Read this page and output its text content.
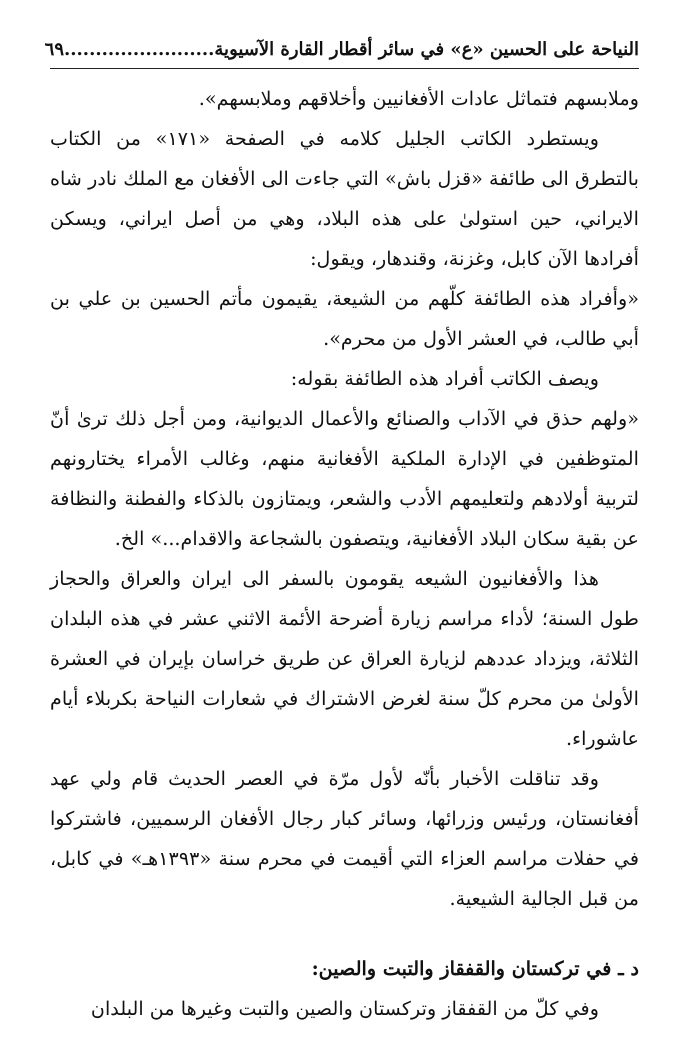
النياحة على الحسين «ع» في سائر أقطار القارة الآسيوية
........................
٦٩

وملابسهم فتماثل عادات الأفغانيين وأخلاقهم وملابسهم».

ويستطرد الكاتب الجليل كلامه في الصفحة «١٧١» من الكتاب بالتطرق الى طائفة «قزل باش» التي جاءت الى الأفغان مع الملك نادر شاه الايراني، حين استولىٰ على هذه البلاد، وهي من أصل ايراني، ويسكن أفرادها الآن كابل، وغزنة، وقندهار، ويقول:

«وأفراد هذه الطائفة كلّهم من الشيعة، يقيمون مأتم الحسين بن علي بن أبي طالب، في العشر الأول من محرم».

ويصف الكاتب أفراد هذه الطائفة بقوله:

«ولهم حذق في الآداب والصنائع والأعمال الديوانية، ومن أجل ذلك ترىٰ أنّ المتوظفين في الإدارة الملكية الأفغانية منهم، وغالب الأمراء يختارونهم لتربية أولادهم ولتعليمهم الأدب والشعر، ويمتازون بالذكاء والفطنة والنظافة عن بقية سكان البلاد الأفغانية، ويتصفون بالشجاعة والاقدام...» الخ.

هذا والأفغانيون الشيعه يقومون بالسفر الى ايران والعراق والحجاز طول السنة؛ لأداء مراسم زيارة أضرحة الأئمة الاثني عشر في هذه البلدان الثلاثة، ويزداد عددهم لزيارة العراق عن طريق خراسان بإيران في العشرة الأولىٰ من محرم كلّ سنة لغرض الاشتراك في شعارات النياحة بكربلاء أيام عاشوراء.

وقد تناقلت الأخبار بأنّه لأول مرّة في العصر الحديث قام ولي عهد أفغانستان، ورئيس وزرائها، وسائر كبار رجال الأفغان الرسميين، فاشتركوا في حفلات مراسم العزاء التي أقيمت في محرم سنة «١٣٩٣هـ» في كابل، من قبل الجالية الشيعية.

د ـ في تركستان والقفقاز والتبت والصين:

وفي كلّ من القفقاز وتركستان والصين والتبت وغيرها من البلدان
